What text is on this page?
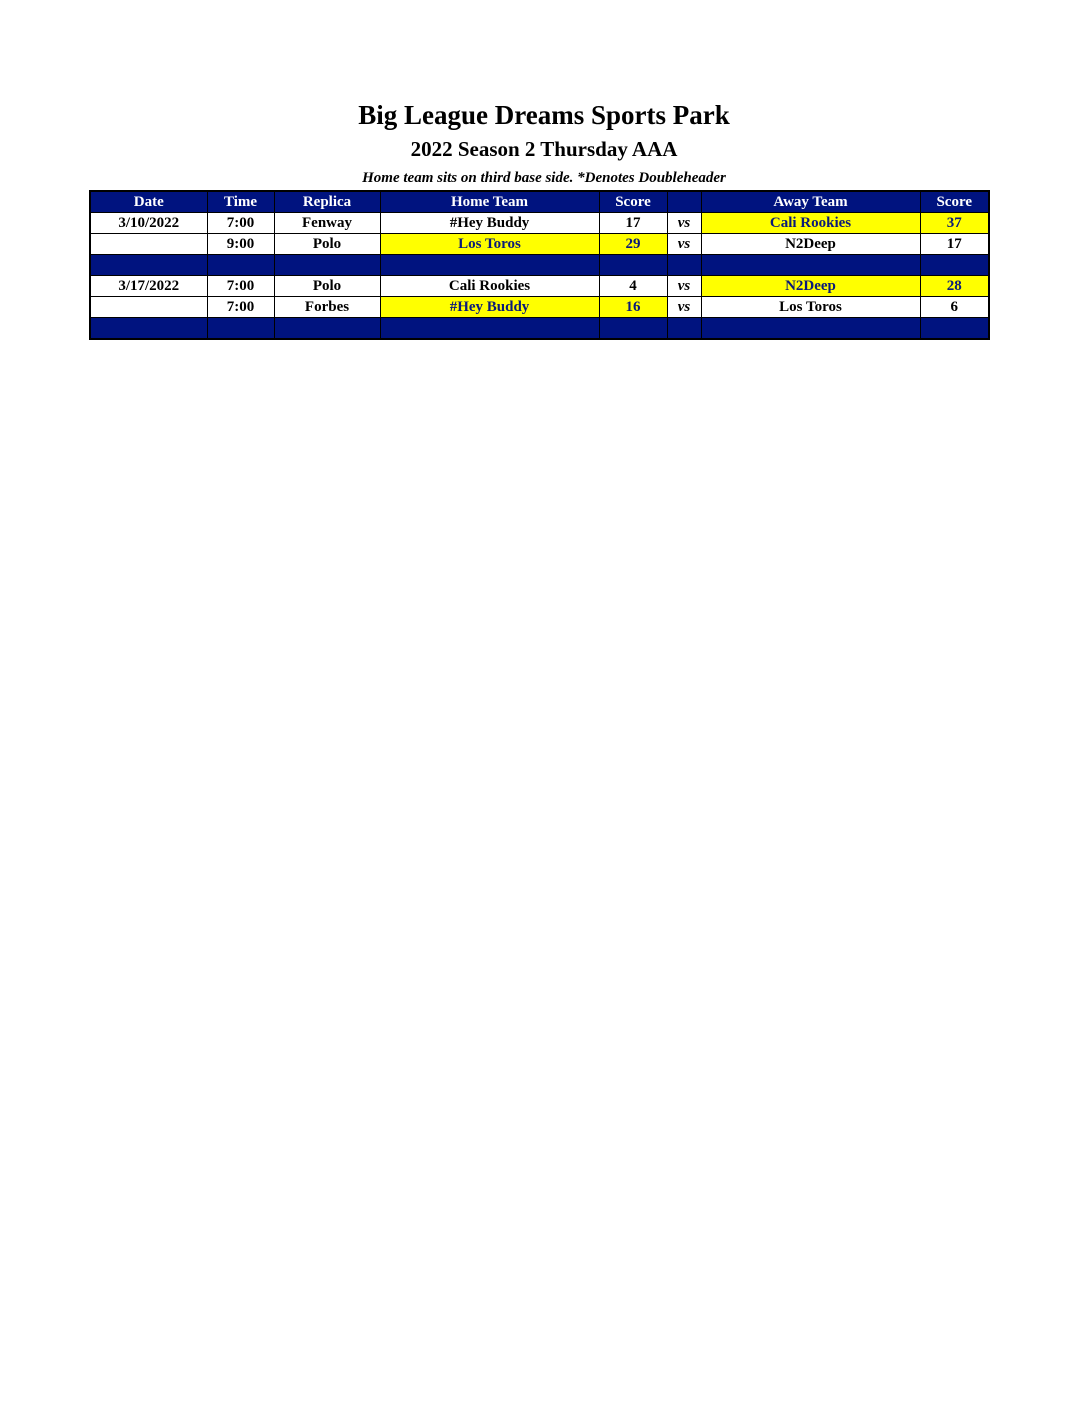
Big League Dreams Sports Park
2022 Season 2 Thursday AAA
Home team sits on third base side. *Denotes Doubleheader
Date	Time	Replica	Home Team	Score		Away Team	Score
3/10/2022	7:00	Fenway	#Hey Buddy	17	vs	Cali Rookies	37
	9:00	Polo	Los Toros	29	vs	N2Deep	17

3/17/2022	7:00	Polo	Cali Rookies	4	vs	N2Deep	28
	7:00	Forbes	#Hey Buddy	16	vs	Los Toros	6
